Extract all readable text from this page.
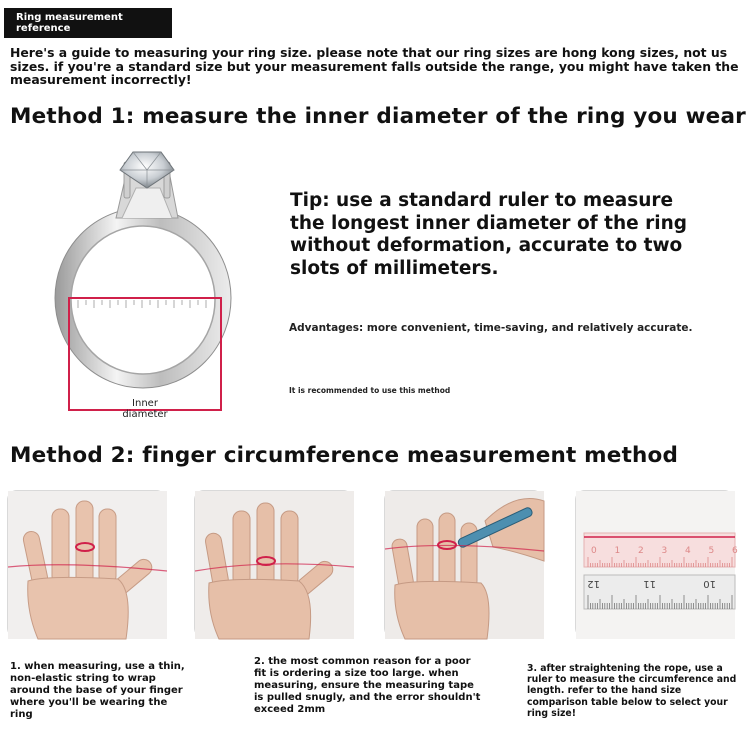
Ring measurement reference
Here's a guide to measuring your ring size. please note that our ring sizes are hong kong sizes, not us sizes. if you're a standard size but your measurement falls outside the range, you might have taken the measurement incorrectly!
Method 1: measure the inner diameter of the ring you wear
Inner diameter
Tip: use a standard ruler to measure the longest inner diameter of the ring without deformation, accurate to two slots of millimeters.
Advantages: more convenient, time-saving, and relatively accurate.
It is recommended to use this method
Method 2: finger circumference measurement method
0 1 2 3 4 5 6
12	11	10
1. when measuring, use a thin, non-elastic string to wrap around the base of your finger where you'll be wearing the ring
2. the most common reason for a poor fit is ordering a size too large. when measuring, ensure the measuring tape is pulled snugly, and the error shouldn't exceed 2mm
3. after straightening the rope, use a ruler to measure the circumference and length. refer to the hand size comparison table below to select your ring size!
